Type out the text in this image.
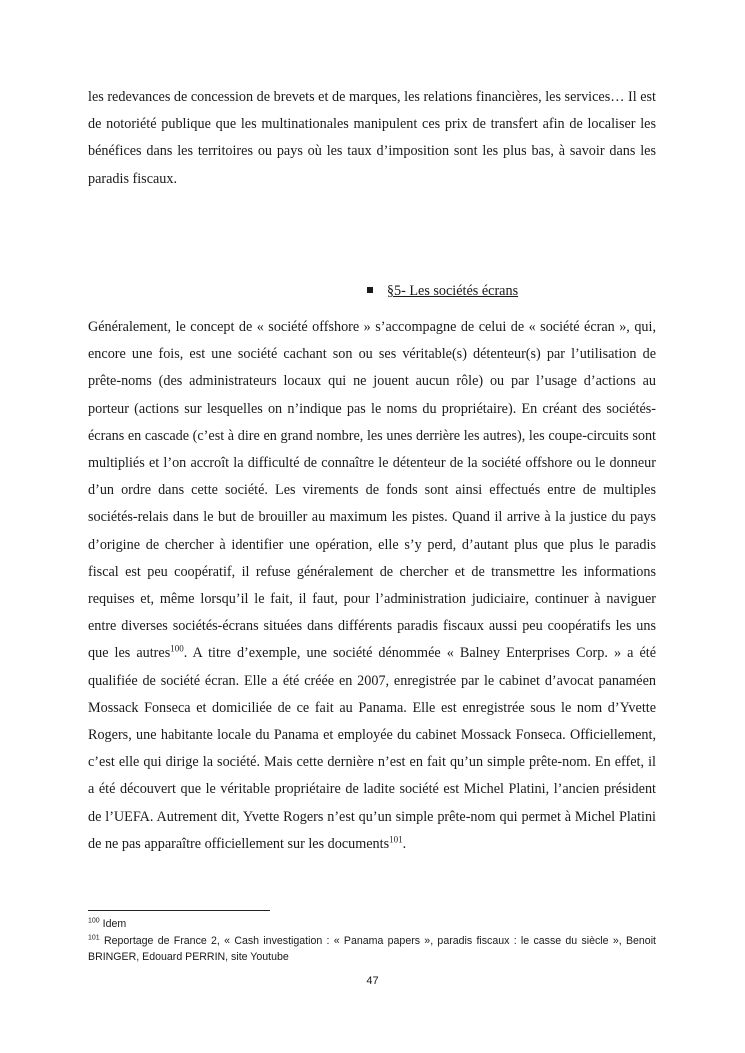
les redevances de concession de brevets et de marques, les relations financières, les services… Il est de notoriété publique que les multinationales manipulent ces prix de transfert afin de localiser les bénéfices dans les territoires ou pays où les taux d’imposition sont les plus bas, à savoir dans les paradis fiscaux.

§5- Les sociétés écrans

Généralement, le concept de « société offshore » s’accompagne de celui de « société écran », qui, encore une fois, est une société cachant son ou ses véritable(s) détenteur(s) par l’utilisation de prête-noms (des administrateurs locaux qui ne jouent aucun rôle) ou par l’usage d’actions au porteur (actions sur lesquelles on n’indique pas le noms du propriétaire). En créant des sociétés-écrans en cascade (c’est à dire en grand nombre, les unes derrière les autres), les coupe-circuits sont multipliés et l’on accroît la difficulté de connaître le détenteur de la société offshore ou le donneur d’un ordre dans cette société. Les virements de fonds sont ainsi effectués entre de multiples sociétés-relais dans le but de brouiller au maximum les pistes. Quand il arrive à la justice du pays d’origine de chercher à identifier une opération, elle s’y perd, d’autant plus que plus le paradis fiscal est peu coopératif, il refuse généralement de chercher et de transmettre les informations requises et, même lorsqu’il le fait, il faut, pour l’administration judiciaire, continuer à naviguer entre diverses sociétés-écrans situées dans différents paradis fiscaux aussi peu coopératifs les uns que les autres$^{100}$. A titre d’exemple, une société dénommée « Balney Enterprises Corp. » a été qualifiée de société écran. Elle a été créée en 2007, enregistrée par le cabinet d’avocat panaméen Mossack Fonseca et domiciliée de ce fait au Panama. Elle est enregistrée sous le nom d’Yvette Rogers, une habitante locale du Panama et employée du cabinet Mossack Fonseca. Officiellement, c’est elle qui dirige la société. Mais cette dernière n’est en fait qu’un simple prête-nom. En effet, il a été découvert que le véritable propriétaire de ladite société est Michel Platini, l’ancien président de l’UEFA. Autrement dit, Yvette Rogers n’est qu’un simple prête-nom qui permet à Michel Platini de ne pas apparaître officiellement sur les documents$^{101}$.

$^{100}$ Idem

$^{101}$ Reportage de France 2, « Cash investigation : « Panama papers », paradis fiscaux : le casse du siècle », Benoit BRINGER, Edouard PERRIN, site Youtube

47
